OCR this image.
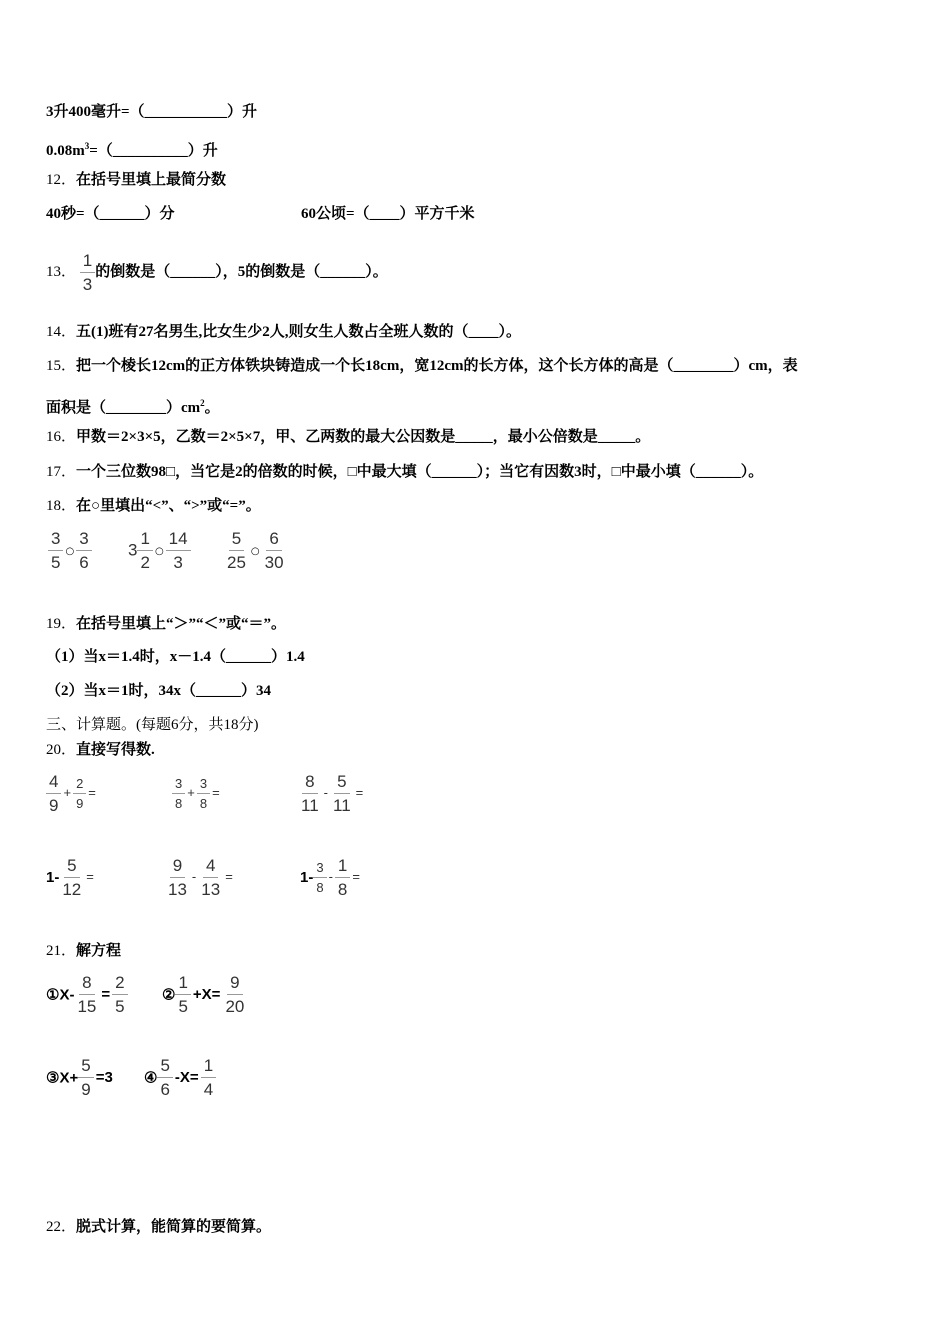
3升400毫升=（___________）升
$0.08m^3=(\_\_\_\_\_\_\_\_\_\_)$升
12．在括号里填上最简分数
40秒=（______）分	60公顷=（____）平方千米
13． $\frac{1}{3}$ 的倒数是（______），5的倒数是（______）。
14．五(1)班有27名男生,比女生少2人,则女生人数占全班人数的（____）。
15．把一个棱长12cm的正方体铁块铸造成一个长18cm，宽12cm的长方体，这个长方体的高是（________）cm，表
面积是$(\_\_\_\_\_\_\_\_)cm^2$。
16．甲数＝2×3×5，乙数＝2×5×7，甲、乙两数的最大公因数是_____，最小公倍数是_____。
17．一个三位数98□，当它是2的倍数的时候，□中最大填（______）；当它有因数3时，□中最小填（______）。
18．在○里填出“<”、“>”或“=”。
$\frac{3}{5}$ ○ $\frac{3}{6} 3 \frac{1}{2}$ ○ $\frac{14}{3} \frac{5}{25}$ ○ $\frac{6}{30}$
19．在括号里填上“＞”“＜”或“＝”。
（1）当x＝1.4时，x－1.4（______）1.4
（2）当x＝1时，34x（______）34
三、计算题。(每题6分，共18分)
20．直接写得数.
$\frac{4}{9} + \frac{2}{9}$ =	$\frac{3}{8} + \frac{3}{8}$ =	$\frac{8}{11} - \frac{5}{11}$ =
$1- \frac{5}{12}$ =	$\frac{9}{13} - \frac{4}{13}$ =	$1- \frac{3}{8} - \frac{1}{8}$ =
21．解方程
①X- $\frac{8}{15} = \frac{2}{5}$ ② $\frac{1}{5} +X= \frac{9}{20}$
③X+ $\frac{5}{9} =3$ ④ $\frac{5}{6} -X= \frac{1}{4}$
22．脱式计算，能简算的要简算。
